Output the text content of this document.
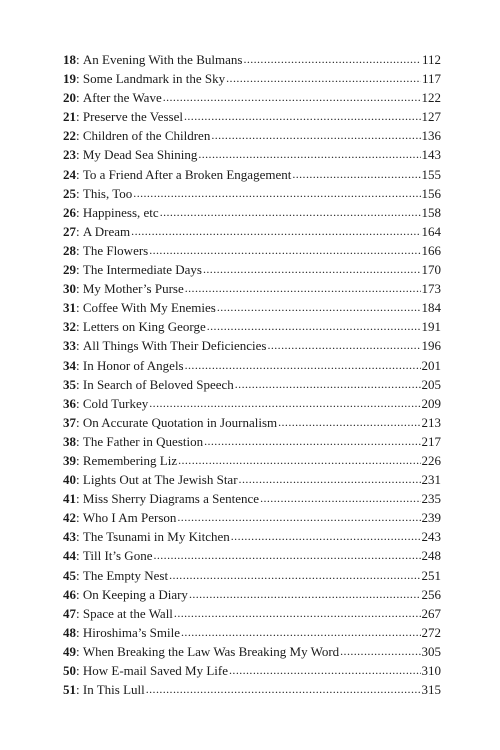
18 : An Evening With the Bulmans .....	112
19 : Some Landmark in the Sky .....	117
20 : After the Wave .....	122
21 : Preserve the Vessel .....	127
22 : Children of the Children .....	136
23 : My Dead Sea Shining .....	143
24 : To a Friend After a Broken Engagement .....	155
25 : This, Too .....	156
26 : Happiness, etc .....	158
27 : A Dream .....	164
28 : The Flowers .....	166
29 : The Intermediate Days .....	170
30 : My Mother’s Purse .....	173
31 : Coffee With My Enemies .....	184
32 : Letters on King George .....	191
33 : All Things With Their Deficiencies .....	196
34 : In Honor of Angels .....	201
35 : In Search of Beloved Speech .....	205
36 : Cold Turkey .....	209
37 : On Accurate Quotation in Journalism .....	213
38 : The Father in Question .....	217
39 : Remembering Liz .....	226
40 : Lights Out at The Jewish Star .....	231
41 : Miss Sherry Diagrams a Sentence .....	235
42 : Who I Am Person .....	239
43 : The Tsunami in My Kitchen .....	243
44 : Till It’s Gone .....	248
45 : The Empty Nest .....	251
46 : On Keeping a Diary .....	256
47 : Space at the Wall .....	267
48 : Hiroshima’s Smile .....	272
49 : When Breaking the Law Was Breaking My Word .....	305
50 : How E-mail Saved My Life .....	310
51 : In This Lull .....	315
